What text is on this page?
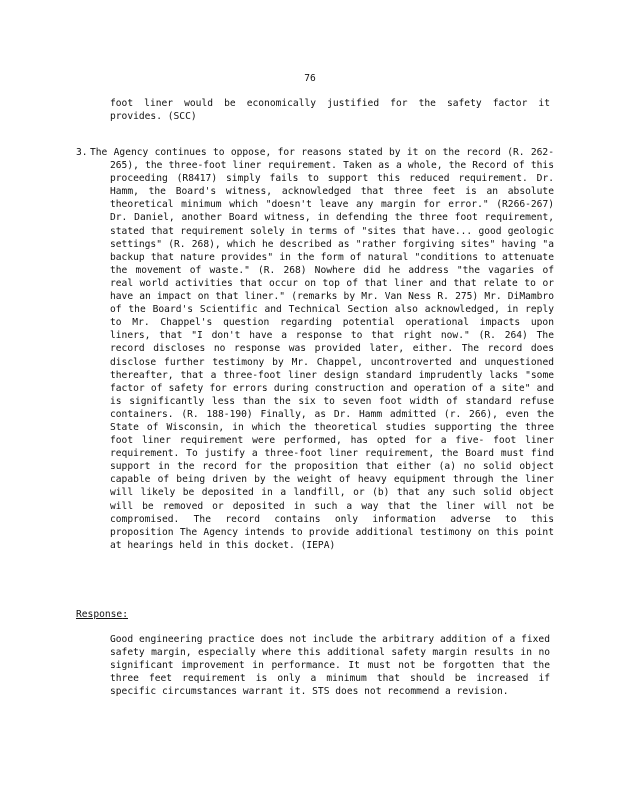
76

foot liner would be economically justified for the safety factor it provides. (SCC)

3. The Agency continues to oppose, for reasons stated by it on the record (R. 262-265), the three-foot liner requirement. Taken as a whole, the Record of this proceeding (R8417) simply fails to support this reduced requirement. Dr. Hamm, the Board's witness, acknowledged that three feet is an absolute theoretical minimum which "doesn't leave any margin for error." (R266-267) Dr. Daniel, another Board witness, in defending the three foot requirement, stated that requirement solely in terms of "sites that have... good geologic settings" (R. 268), which he described as "rather forgiving sites" having "a backup that nature provides" in the form of natural "conditions to attenuate the movement of waste." (R. 268) Nowhere did he address "the vagaries of real world activities that occur on top of that liner and that relate to or have an impact on that liner." (remarks by Mr. Van Ness R. 275) Mr. DiMambro of the Board's Scientific and Technical Section also acknowledged, in reply to Mr. Chappel's question regarding potential operational impacts upon liners, that "I don't have a response to that right now." (R. 264) The record discloses no response was provided later, either. The record does disclose further testimony by Mr. Chappel, uncontroverted and unquestioned thereafter, that a three-foot liner design standard imprudently lacks "some factor of safety for errors during construction and operation of a site" and is significantly less than the six to seven foot width of standard refuse containers. (R. 188-190) Finally, as Dr. Hamm admitted (r. 266), even the State of Wisconsin, in which the theoretical studies supporting the three foot liner requirement were performed, has opted for a five- foot liner requirement. To justify a three-foot liner requirement, the Board must find support in the record for the proposition that either (a) no solid object capable of being driven by the weight of heavy equipment through the liner will likely be deposited in a landfill, or (b) that any such solid object will be removed or deposited in such a way that the liner will not be compromised. The record contains only information adverse to this proposition The Agency intends to provide additional testimony on this point at hearings held in this docket. (IEPA)

Response:

Good engineering practice does not include the arbitrary addition of a fixed safety margin, especially where this additional safety margin results in no significant improvement in performance. It must not be forgotten that the three feet requirement is only a minimum that should be increased if specific circumstances warrant it. STS does not recommend a revision.
